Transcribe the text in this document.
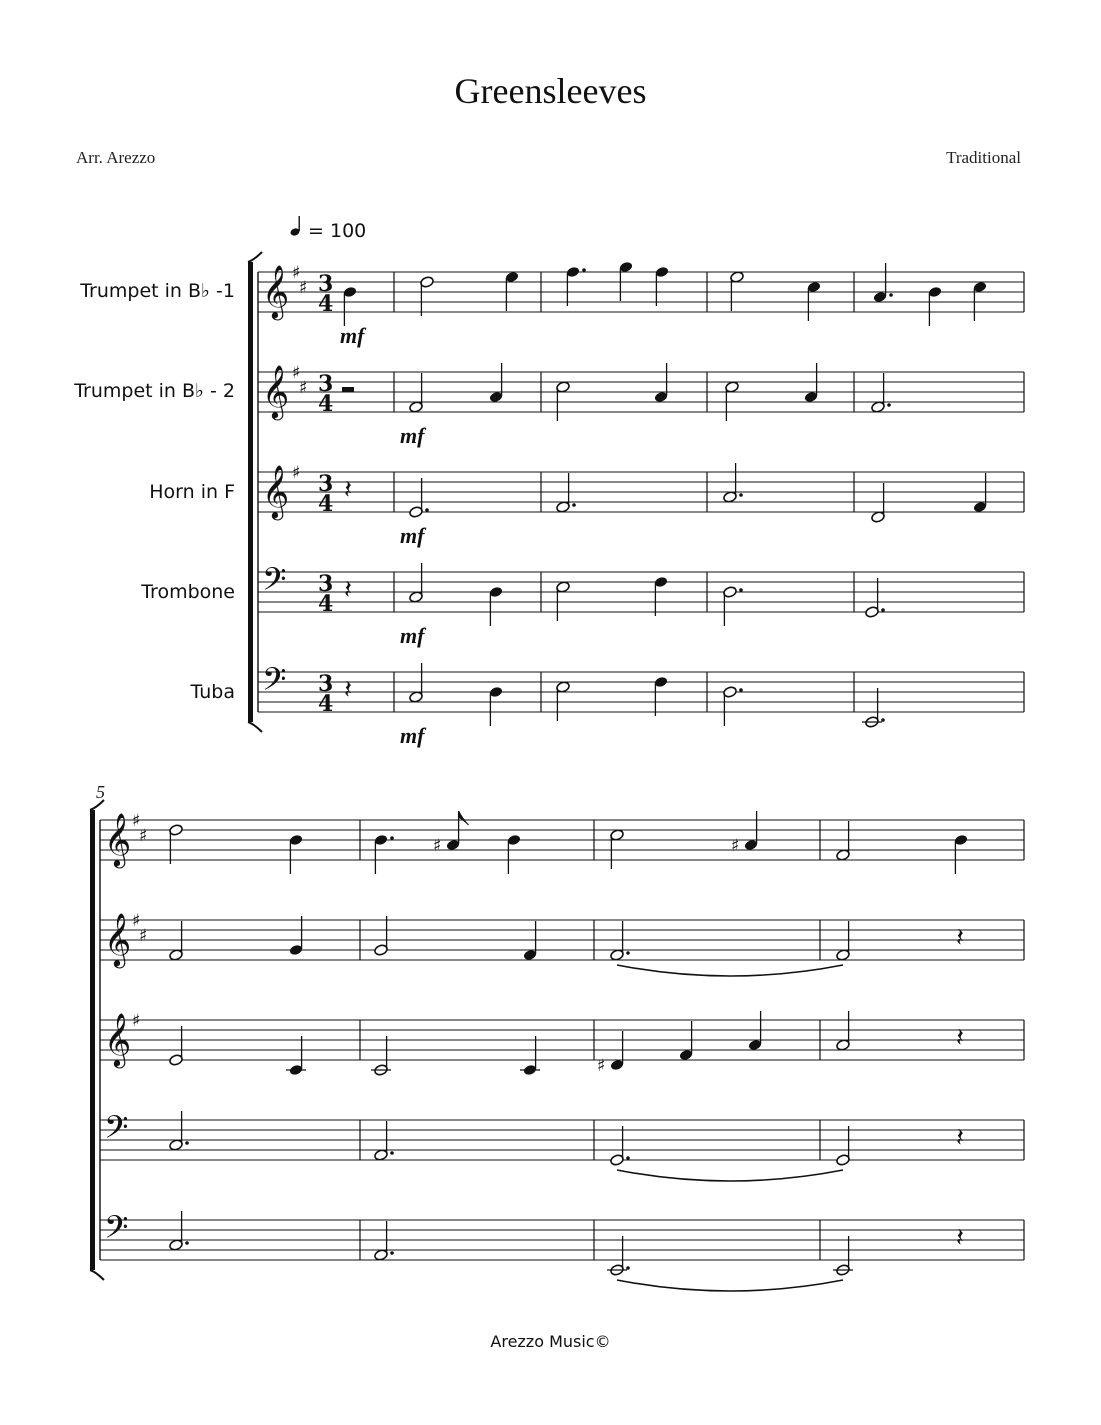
Greensleeves
Arr. Arezzo	Traditional
= 100
Trumpet in B♭ -1
Trumpet in B♭ - 2
Horn in F
Trombone
Tuba
𝄞 ♯
♯ 3
4
𝄞 ♯
♯ 3
4
𝄞 ♯ 3
4
𝄢 3
4
𝄢 3
4
mf
mf
𝄽
mf
𝄽
mf
𝄽
mf
𝄞 ♯
♯
𝄞 ♯
♯
𝄞 ♯
𝄢
𝄢
♯	♯
𝄽
♯
𝄽
𝄽
𝄽
5
Arezzo Music©
